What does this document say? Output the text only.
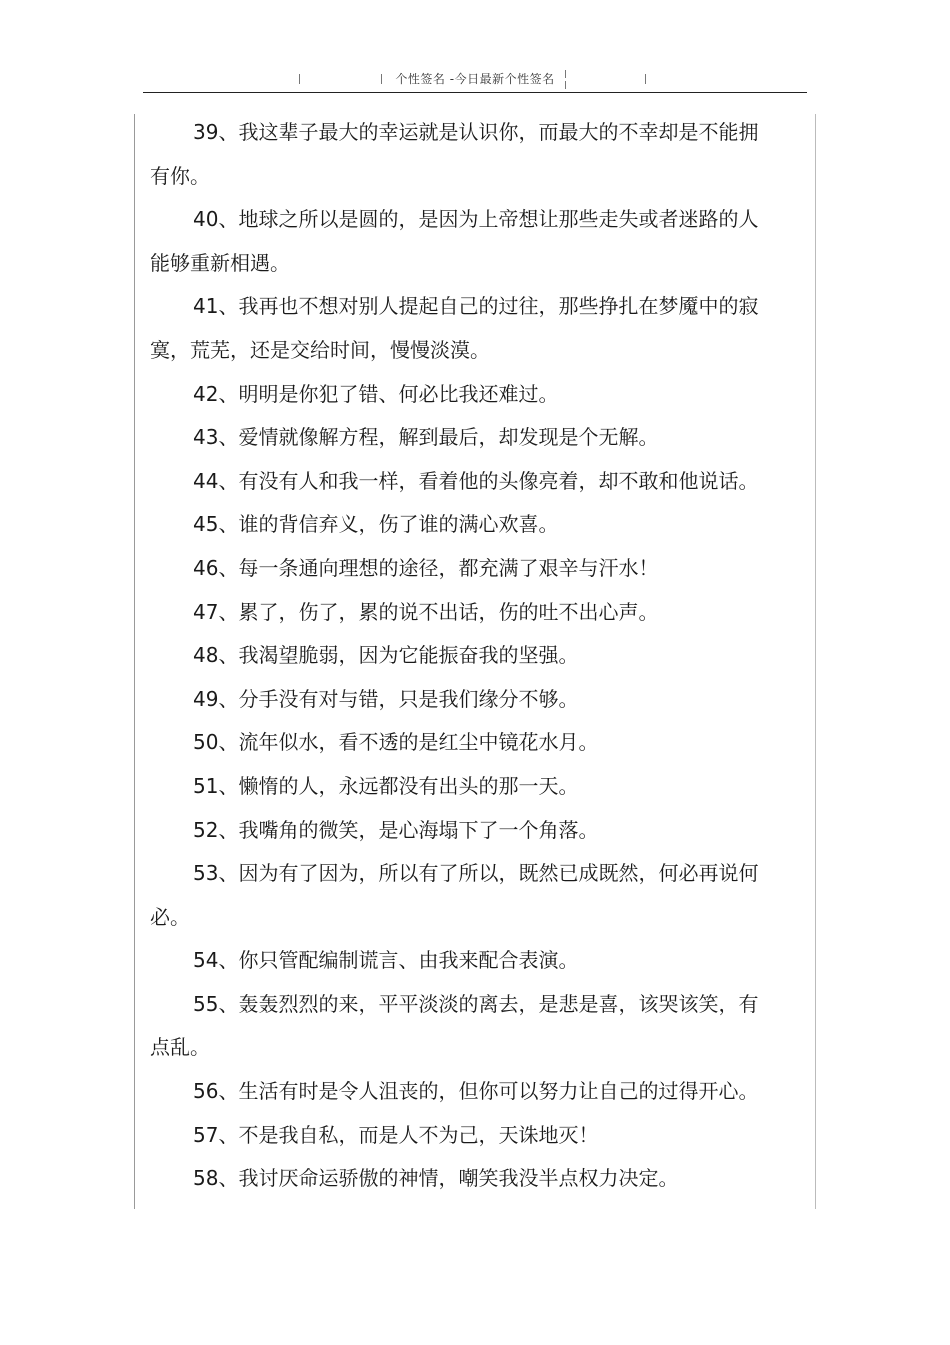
个性签名 -今日最新个性签名

39、我这辈子最大的幸运就是认识你，而最大的不幸却是不能拥有你。

40、地球之所以是圆的，是因为上帝想让那些走失或者迷路的人能够重新相遇。

41、我再也不想对别人提起自己的过往，那些挣扎在梦魇中的寂寞，荒芜，还是交给时间，慢慢淡漠。

42、明明是你犯了错、何必比我还难过。

43、爱情就像解方程，解到最后，却发现是个无解。

44、有没有人和我一样，看着他的头像亮着，却不敢和他说话。

45、谁的背信弃义，伤了谁的满心欢喜。

46、每一条通向理想的途径，都充满了艰辛与汗水！

47、累了，伤了，累的说不出话，伤的吐不出心声。

48、我渴望脆弱，因为它能振奋我的坚强。

49、分手没有对与错，只是我们缘分不够。

50、流年似水，看不透的是红尘中镜花水月。

51、懒惰的人，永远都没有出头的那一天。

52、我嘴角的微笑，是心海塌下了一个角落。

53、因为有了因为，所以有了所以，既然已成既然，何必再说何必。

54、你只管配编制谎言、由我来配合表演。

55、轰轰烈烈的来，平平淡淡的离去，是悲是喜，该哭该笑，有点乱。

56、生活有时是令人沮丧的，但你可以努力让自己的过得开心。

57、不是我自私，而是人不为己，天诛地灭！

58、我讨厌命运骄傲的神情，嘲笑我没半点权力决定。
